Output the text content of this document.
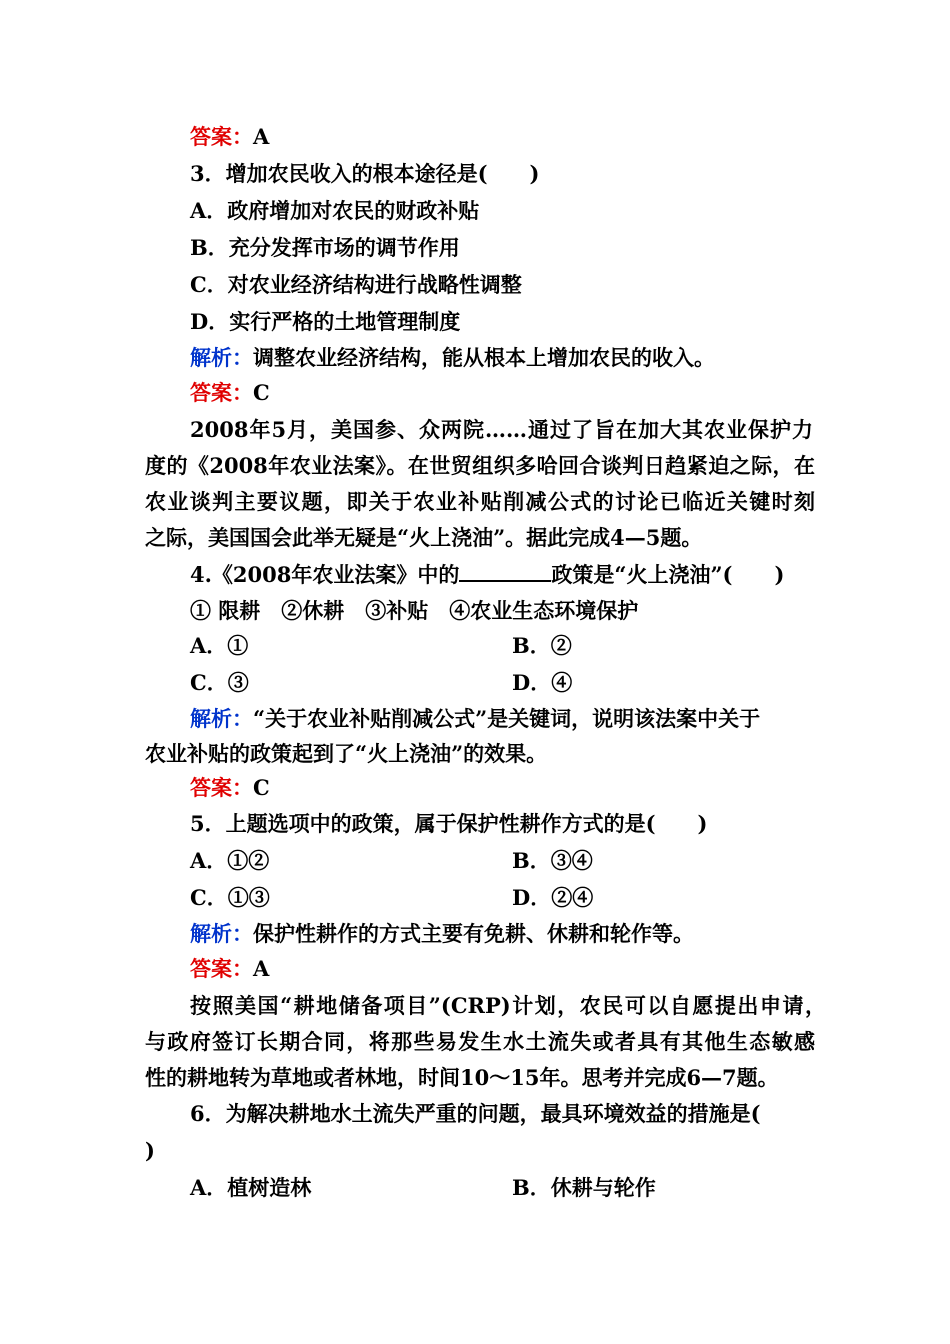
答案：A
3．增加农民收入的根本途径是(　　)
A．政府增加对农民的财政补贴
B．充分发挥市场的调节作用
C．对农业经济结构进行战略性调整
D．实行严格的土地管理制度
解析：调整农业经济结构，能从根本上增加农民的收入。
答案：C
2008年5月，美国参、众两院……通过了旨在加大其农业保护力
度的《2008年农业法案》。在世贸组织多哈回合谈判日趋紧迫之际，在
农业谈判主要议题，即关于农业补贴削减公式的讨论已临近关键时刻
之际，美国国会此举无疑是“火上浇油”。据此完成4—5题。
4.《2008年农业法案》中的	政策是“火上浇油”(　　)
① 限耕　②休耕　③补贴　④农业生态环境保护
A．①	B．②
C．③	D．④
解析：“关于农业补贴削减公式”是关键词，说明该法案中关于
农业补贴的政策起到了“火上浇油”的效果。
答案：C
5．上题选项中的政策，属于保护性耕作方式的是(　　)
A．①②	B．③④
C．①③	D．②④
解析：保护性耕作的方式主要有免耕、休耕和轮作等。
答案：A
按照美国“耕地储备项目”(CRP)计划，农民可以自愿提出申请，
与政府签订长期合同，将那些易发生水土流失或者具有其他生态敏感
性的耕地转为草地或者林地，时间10～15年。思考并完成6—7题。
6．为解决耕地水土流失严重的问题，最具环境效益的措施是(
)
A．植树造林	B．休耕与轮作
